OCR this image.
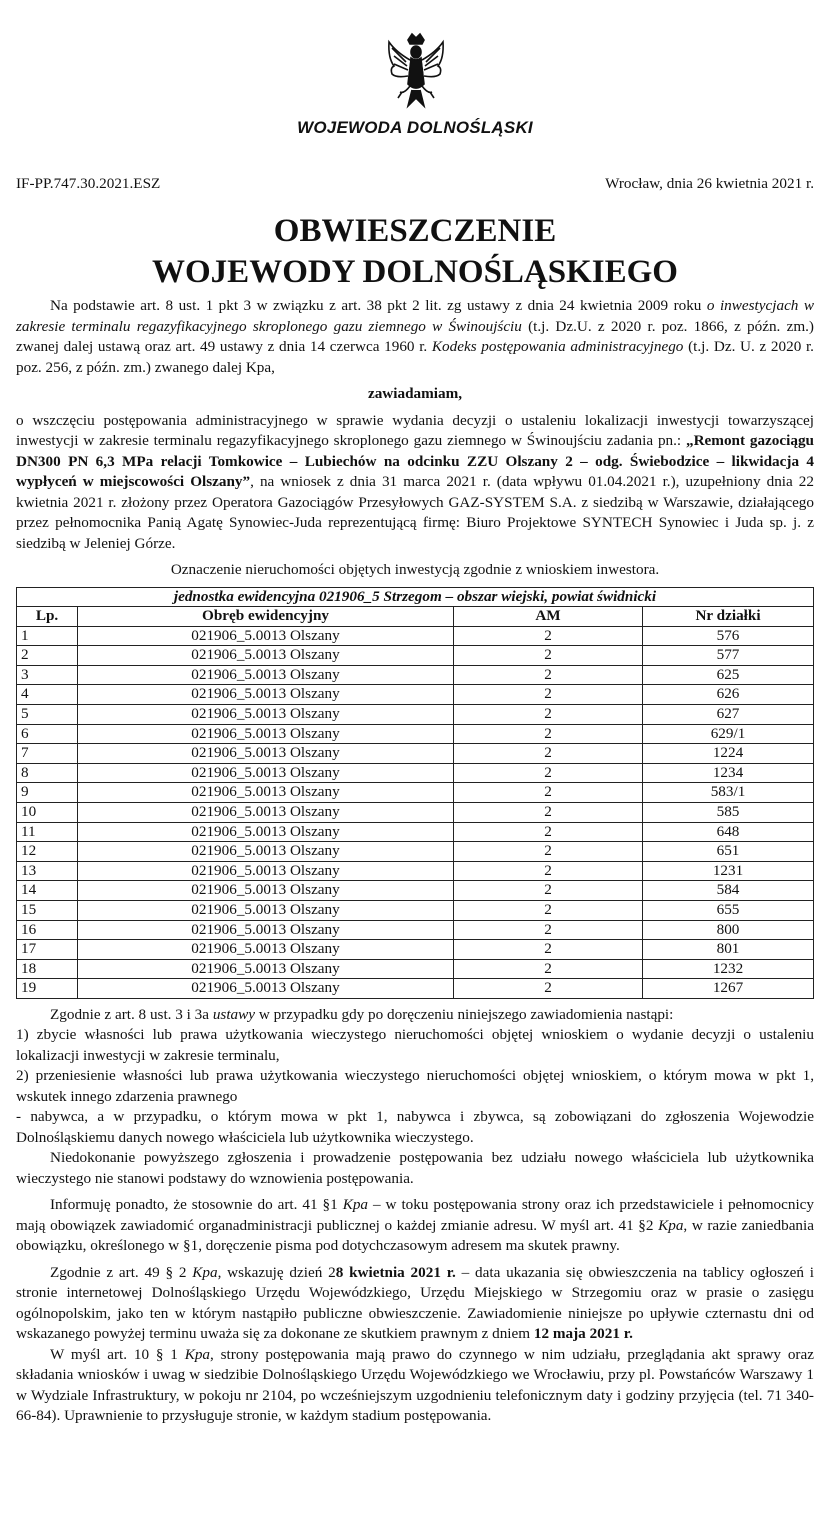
WOJEWODA DOLNOŚLĄSKI
IF-PP.747.30.2021.ESZ	Wrocław, dnia 26 kwietnia 2021 r.
OBWIESZCZENIE
WOJEWODY DOLNOŚLĄSKIEGO

Na podstawie art. 8 ust. 1 pkt 3 w związku z art. 38 pkt 2 lit. zg ustawy z dnia 24 kwietnia 2009 roku o inwestycjach w zakresie terminalu regazyfikacyjnego skroplonego gazu ziemnego w Świnoujściu (t.j. Dz.U. z 2020 r. poz. 1866, z późn. zm.) zwanej dalej ustawą oraz art. 49 ustawy z dnia 14 czerwca 1960 r. Kodeks postępowania administracyjnego (t.j. Dz. U. z 2020 r. poz. 256, z późn. zm.) zwanego dalej Kpa,

zawiadamiam,

o wszczęciu postępowania administracyjnego w sprawie wydania decyzji o ustaleniu lokalizacji inwestycji towarzyszącej inwestycji w zakresie terminalu regazyfikacyjnego skroplonego gazu ziemnego w Świnoujściu zadania pn.: „Remont gazociągu DN300 PN 6,3 MPa relacji Tomkowice – Lubiechów na odcinku ZZU Olszany 2 – odg. Świebodzice – likwidacja 4 wypłyceń w miejscowości Olszany”, na wniosek z dnia 31 marca 2021 r. (data wpływu 01.04.2021 r.), uzupełniony dnia 22 kwietnia 2021 r. złożony przez Operatora Gazociągów Przesyłowych GAZ-SYSTEM S.A. z siedzibą w Warszawie, działającego przez pełnomocnika Panią Agatę Synowiec-Juda reprezentującą firmę: Biuro Projektowe SYNTECH Synowiec i Juda sp. j. z siedzibą w Jeleniej Górze.

Oznaczenie nieruchomości objętych inwestycją zgodnie z wnioskiem inwestora.

jednostka ewidencyjna 021906_5 Strzegom – obszar wiejski, powiat świdnicki			
Lp.	Obręb ewidencyjny	AM	Nr działki
1	021906_5.0013 Olszany	2	576
2	021906_5.0013 Olszany	2	577
3	021906_5.0013 Olszany	2	625
4	021906_5.0013 Olszany	2	626
5	021906_5.0013 Olszany	2	627
6	021906_5.0013 Olszany	2	629/1
7	021906_5.0013 Olszany	2	1224
8	021906_5.0013 Olszany	2	1234
9	021906_5.0013 Olszany	2	583/1
10	021906_5.0013 Olszany	2	585
11	021906_5.0013 Olszany	2	648
12	021906_5.0013 Olszany	2	651
13	021906_5.0013 Olszany	2	1231
14	021906_5.0013 Olszany	2	584
15	021906_5.0013 Olszany	2	655
16	021906_5.0013 Olszany	2	800
17	021906_5.0013 Olszany	2	801
18	021906_5.0013 Olszany	2	1232
19	021906_5.0013 Olszany	2	1267

Zgodnie z art. 8 ust. 3 i 3a ustawy w przypadku gdy po doręczeniu niniejszego zawiadomienia nastąpi:

1) zbycie własności lub prawa użytkowania wieczystego nieruchomości objętej wnioskiem o wydanie decyzji o ustaleniu lokalizacji inwestycji w zakresie terminalu,

2) przeniesienie własności lub prawa użytkowania wieczystego nieruchomości objętej wnioskiem, o którym mowa w pkt 1, wskutek innego zdarzenia prawnego

- nabywca, a w przypadku, o którym mowa w pkt 1, nabywca i zbywca, są zobowiązani do zgłoszenia Wojewodzie Dolnośląskiemu danych nowego właściciela lub użytkownika wieczystego.

Niedokonanie powyższego zgłoszenia i prowadzenie postępowania bez udziału nowego właściciela lub użytkownika wieczystego nie stanowi podstawy do wznowienia postępowania.

Informuję ponadto, że stosownie do art. 41 §1 Kpa – w toku postępowania strony oraz ich przedstawiciele i pełnomocnicy mają obowiązek zawiadomić organadministracji publicznej o każdej zmianie adresu. W myśl art. 41 §2 Kpa, w razie zaniedbania obowiązku, określonego w §1, doręczenie pisma pod dotychczasowym adresem ma skutek prawny.

Zgodnie z art. 49 § 2 Kpa, wskazuję dzień 28 kwietnia 2021 r. – data ukazania się obwieszczenia na tablicy ogłoszeń i stronie internetowej Dolnośląskiego Urzędu Wojewódzkiego, Urzędu Miejskiego w Strzegomiu oraz w prasie o zasięgu ogólnopolskim, jako ten w którym nastąpiło publiczne obwieszczenie. Zawiadomienie niniejsze po upływie czternastu dni od wskazanego powyżej terminu uważa się za dokonane ze skutkiem prawnym z dniem 12 maja 2021 r.

W myśl art. 10 § 1 Kpa, strony postępowania mają prawo do czynnego w nim udziału, przeglądania akt sprawy oraz składania wniosków i uwag w siedzibie Dolnośląskiego Urzędu Wojewódzkiego we Wrocławiu, przy pl. Powstańców Warszawy 1 w Wydziale Infrastruktury, w pokoju nr 2104, po wcześniejszym uzgodnieniu telefonicznym daty i godziny przyjęcia (tel. 71 340-66-84). Uprawnienie to przysługuje stronie, w każdym stadium postępowania.
